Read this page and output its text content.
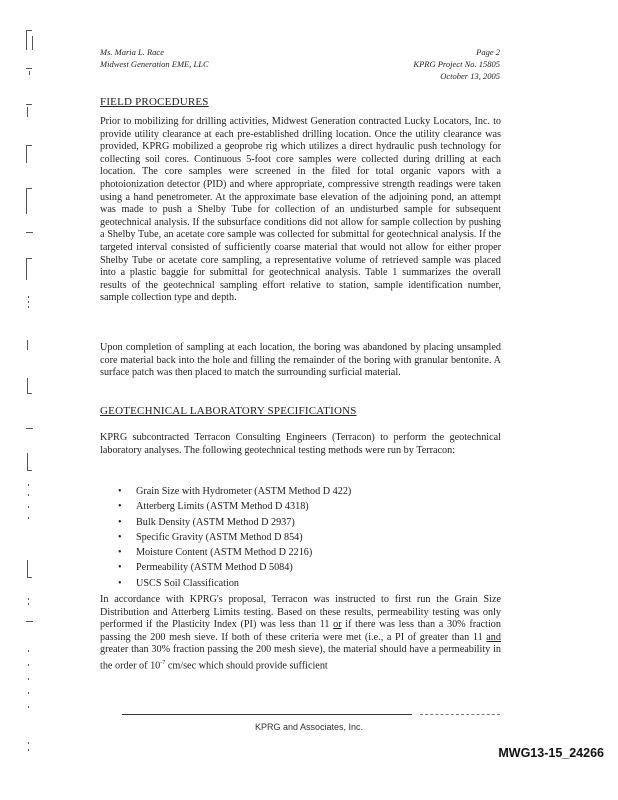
Ms. Maria L. Race
Midwest Generation EME, LLC
Page 2
KPRG Project No. 15805
October 13, 2005
FIELD PROCEDURES

Prior to mobilizing for drilling activities, Midwest Generation contracted Lucky Locators, Inc. to provide utility clearance at each pre-established drilling location. Once the utility clearance was provided, KPRG mobilized a geoprobe rig which utilizes a direct hydraulic push technology for collecting soil cores. Continuous 5-foot core samples were collected during drilling at each location. The core samples were screened in the filed for total organic vapors with a photoionization detector (PID) and where appropriate, compressive strength readings were taken using a hand penetrometer. At the approximate base elevation of the adjoining pond, an attempt was made to push a Shelby Tube for collection of an undisturbed sample for subsequent geotechnical analysis. If the subsurface conditions did not allow for sample collection by pushing a Shelby Tube, an acetate core sample was collected for submittal for geotechnical analysis. If the targeted interval consisted of sufficiently coarse material that would not allow for either proper Shelby Tube or acetate core sampling, a representative volume of retrieved sample was placed into a plastic baggie for submittal for geotechnical analysis. Table 1 summarizes the overall results of the geotechnical sampling effort relative to station, sample identification number, sample collection type and depth.

Upon completion of sampling at each location, the boring was abandoned by placing unsampled core material back into the hole and filling the remainder of the boring with granular bentonite. A surface patch was then placed to match the surrounding surficial material.

GEOTECHNICAL LABORATORY SPECIFICATIONS

KPRG subcontracted Terracon Consulting Engineers (Terracon) to perform the geotechnical laboratory analyses. The following geotechnical testing methods were run by Terracon:

• Grain Size with Hydrometer (ASTM Method D 422)
• Atterberg Limits (ASTM Method D 4318)
• Bulk Density (ASTM Method D 2937)
• Specific Gravity (ASTM Method D 854)
• Moisture Content (ASTM Method D 2216)
• Permeability (ASTM Method D 5084)
• USCS Soil Classification

In accordance with KPRG's proposal, Terracon was instructed to first run the Grain Size Distribution and Atterberg Limits testing. Based on these results, permeability testing was only performed if the Plasticity Index (PI) was less than 11 or if there was less than a 30% fraction passing the 200 mesh sieve. If both of these criteria were met (i.e., a PI of greater than 11 and greater than 30% fraction passing the 200 mesh sieve), the material should have a permeability in the order of $10^{-7}$ cm/sec which should provide sufficient

KPRG and Associates, Inc.
MWG13-15_24266
